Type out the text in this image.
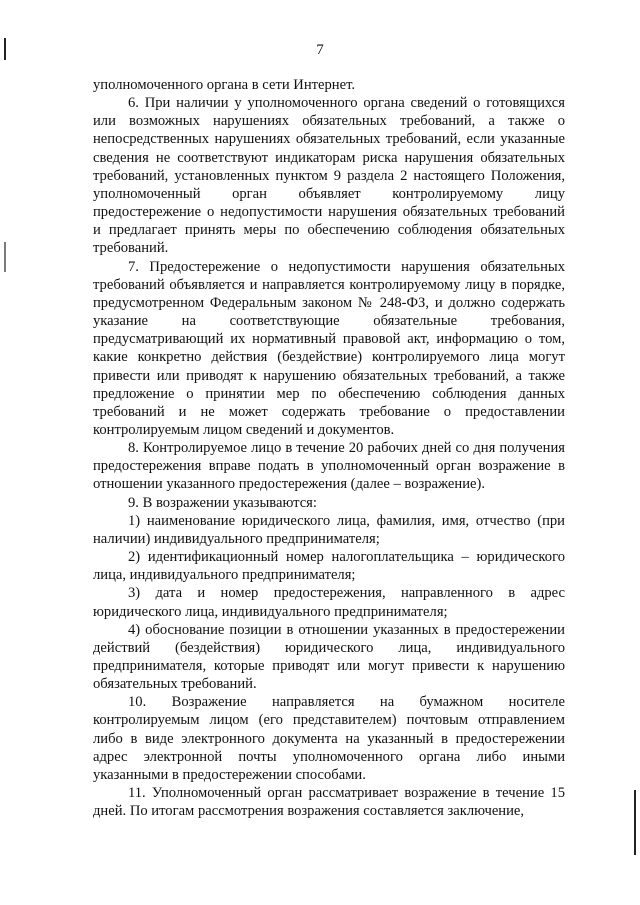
7

уполномоченного органа в сети Интернет.

6. При наличии у уполномоченного органа сведений о готовящихся или возможных нарушениях обязательных требований, а также о непосредственных нарушениях обязательных требований, если указанные сведения не соответствуют индикаторам риска нарушения обязательных требований, установленных пунктом 9 раздела 2 настоящего Положения, уполномоченный орган объявляет контролируемому лицу предостережение о недопустимости нарушения обязательных требований и предлагает принять меры по обеспечению соблюдения обязательных требований.

7. Предостережение о недопустимости нарушения обязательных требований объявляется и направляется контролируемому лицу в порядке, предусмотренном Федеральным законом № 248-ФЗ, и должно содержать указание на соответствующие обязательные требования, предусматривающий их нормативный правовой акт, информацию о том, какие конкретно действия (бездействие) контролируемого лица могут привести или приводят к нарушению обязательных требований, а также предложение о принятии мер по обеспечению соблюдения данных требований и не может содержать требование о предоставлении контролируемым лицом сведений и документов.

8. Контролируемое лицо в течение 20 рабочих дней со дня получения предостережения вправе подать в уполномоченный орган возражение в отношении указанного предостережения (далее – возражение).

9. В возражении указываются:

1) наименование юридического лица, фамилия, имя, отчество (при наличии) индивидуального предпринимателя;

2) идентификационный номер налогоплательщика – юридического лица, индивидуального предпринимателя;

3) дата и номер предостережения, направленного в адрес юридического лица, индивидуального предпринимателя;

4) обоснование позиции в отношении указанных в предостережении действий (бездействия) юридического лица, индивидуального предпринимателя, которые приводят или могут привести к нарушению обязательных требований.

10. Возражение направляется на бумажном носителе контролируемым лицом (его представителем) почтовым отправлением либо в виде электронного документа на указанный в предостережении адрес электронной почты уполномоченного органа либо иными указанными в предостережении способами.

11. Уполномоченный орган рассматривает возражение в течение 15 дней. По итогам рассмотрения возражения составляется заключение,
